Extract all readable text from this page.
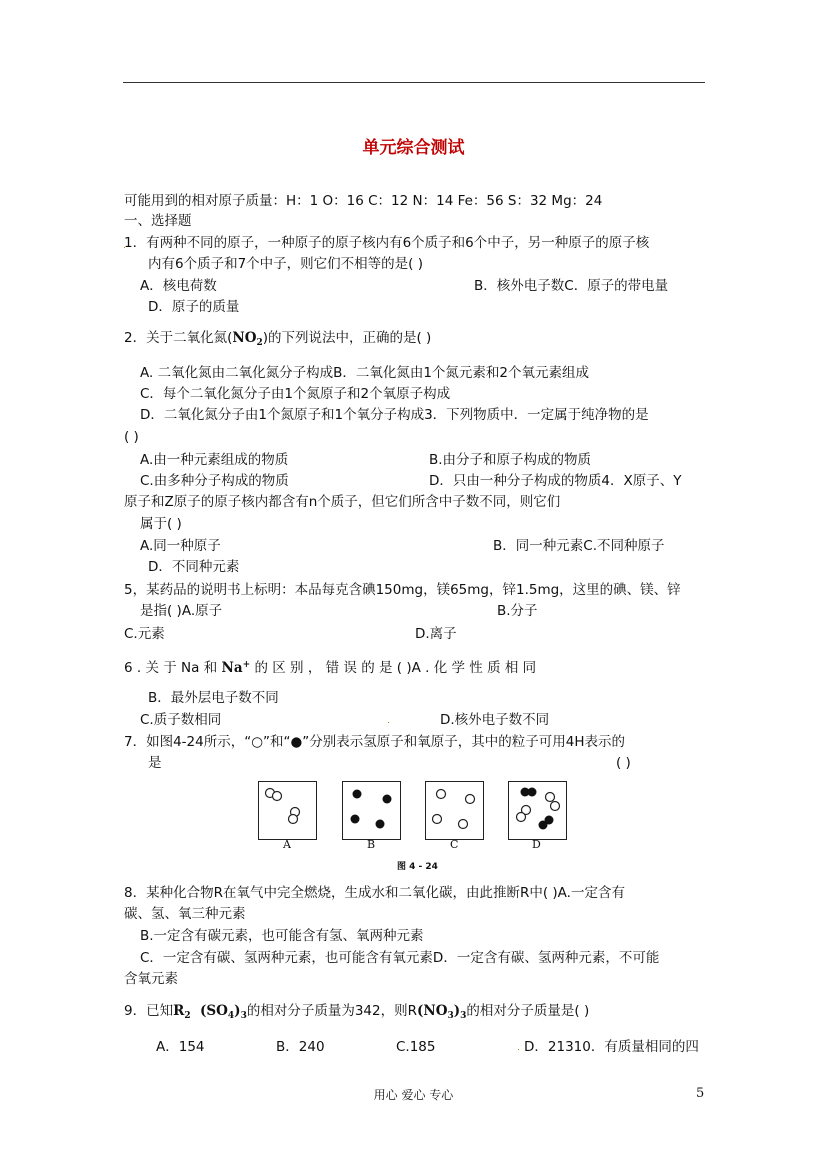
单元综合测试
可能用到的相对原子质量：H：1 O：16 C：12 N：14 Fe：56 S：32 Mg：24
一、选择题
1．有两种不同的原子，一种原子的原子核内有6个质子和6个中子，另一种原子的原子核
内有6个质子和7个中子，则它们不相等的是( )
A．核电荷数	B．核外电子数C．原子的带电量
D．原子的质量
2．关于二氧化氮$(NO_2)$的下列说法中，正确的是( )
A. 二氧化氮由二氧化氮分子构成B．二氧化氮由1个氮元素和2个氧元素组成
C．每个二氧化氮分子由1个氮原子和2个氧原子构成
D．二氧化氮分子由1个氮原子和1个氧分子构成3．下列物质中．一定属于纯净物的是
( )
A.由一种元素组成的物质	B.由分子和原子构成的物质
C.由多种分子构成的物质	D．只由一种分子构成的物质4．X原子、Y
原子和Z原子的原子核内都含有n个质子，但它们所含中子数不同，则它们
属于( )
A.同一种原子	B．同一种元素C.不同种原子
D．不同种元素
5，某药品的说明书上标明：本品每克含碘150mg，镁65mg，锌1.5mg，这里的碘、镁、锌
是指( )A.原子	B.分子
C.元素	D.离子
6 . 关 于 Na 和 Na+ 的 区 别 ， 错 误 的 是 ( )A . 化 学 性 质 相 同
B．最外层电子数不同
C.质子数相同	D.核外电子数不同
7．如图4-24所示，“○”和“●”分别表示氢原子和氧原子，其中的粒子可用4H表示的
是	( )
A	B	C	D
图 4 - 24
8．某种化合物R在氧气中完全燃烧，生成水和二氧化碳，由此推断R中( )A.一定含有
碳、氢、氧三种元素
B.一定含有碳元素，也可能含有氢、氧两种元素
C．一定含有碳、氢两种元素，也可能含有氧元素D．一定含有碳、氢两种元素，不可能
含氧元素
9．已知$R_2$ $(SO_4)_3$的相对分子质量为342，则$R(NO_3)_3$的相对分子质量是( )
A．154	B．240	C.185	D．21310．有质量相同的四
用心 爱心 专心	5
